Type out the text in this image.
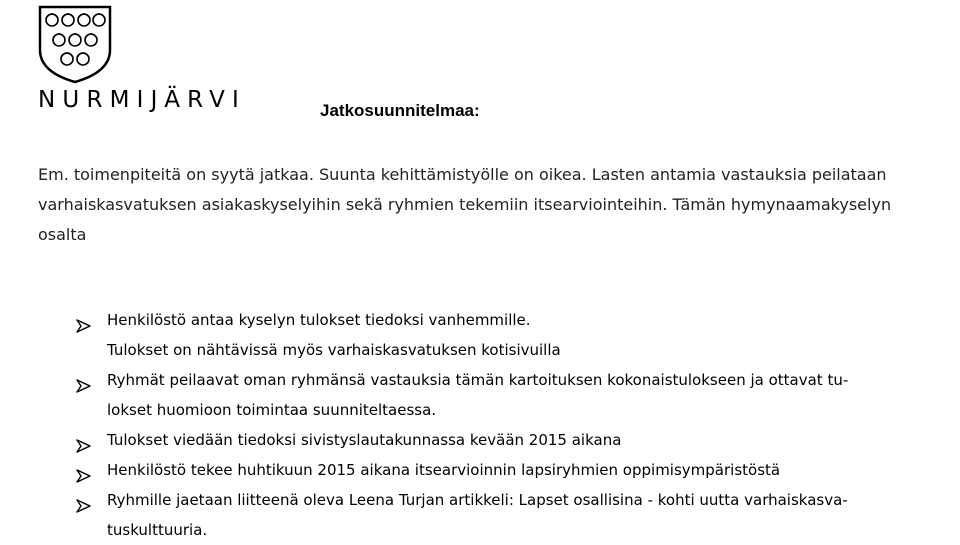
NURMIJÄRVI	Jatkosuunnitelmaa:

Em. toimenpiteitä on syytä jatkaa. Suunta kehittämistyölle on oikea. Lasten antamia vastauksia peilataan

varhaiskasvatuksen asiakaskyselyihin sekä ryhmien tekemiin itsearviointeihin. Tämän hymynaamakyselyn

osalta

Henkilöstö antaa kyselyn tulokset tiedoksi vanhemmille.
Tulokset on nähtävissä myös varhaiskasvatuksen kotisivuilla
Ryhmät peilaavat oman ryhmänsä vastauksia tämän kartoituksen kokonaistulokseen ja ottavat tu-
lokset huomioon toimintaa suunniteltaessa.
Tulokset viedään tiedoksi sivistyslautakunnassa kevään 2015 aikana
Henkilöstö tekee huhtikuun 2015 aikana itsearvioinnin lapsiryhmien oppimisympäristöstä
Ryhmille jaetaan liitteenä oleva Leena Turjan artikkeli: Lapset osallisina - kohti uutta varhaiskasva-
tuskulttuuria.
